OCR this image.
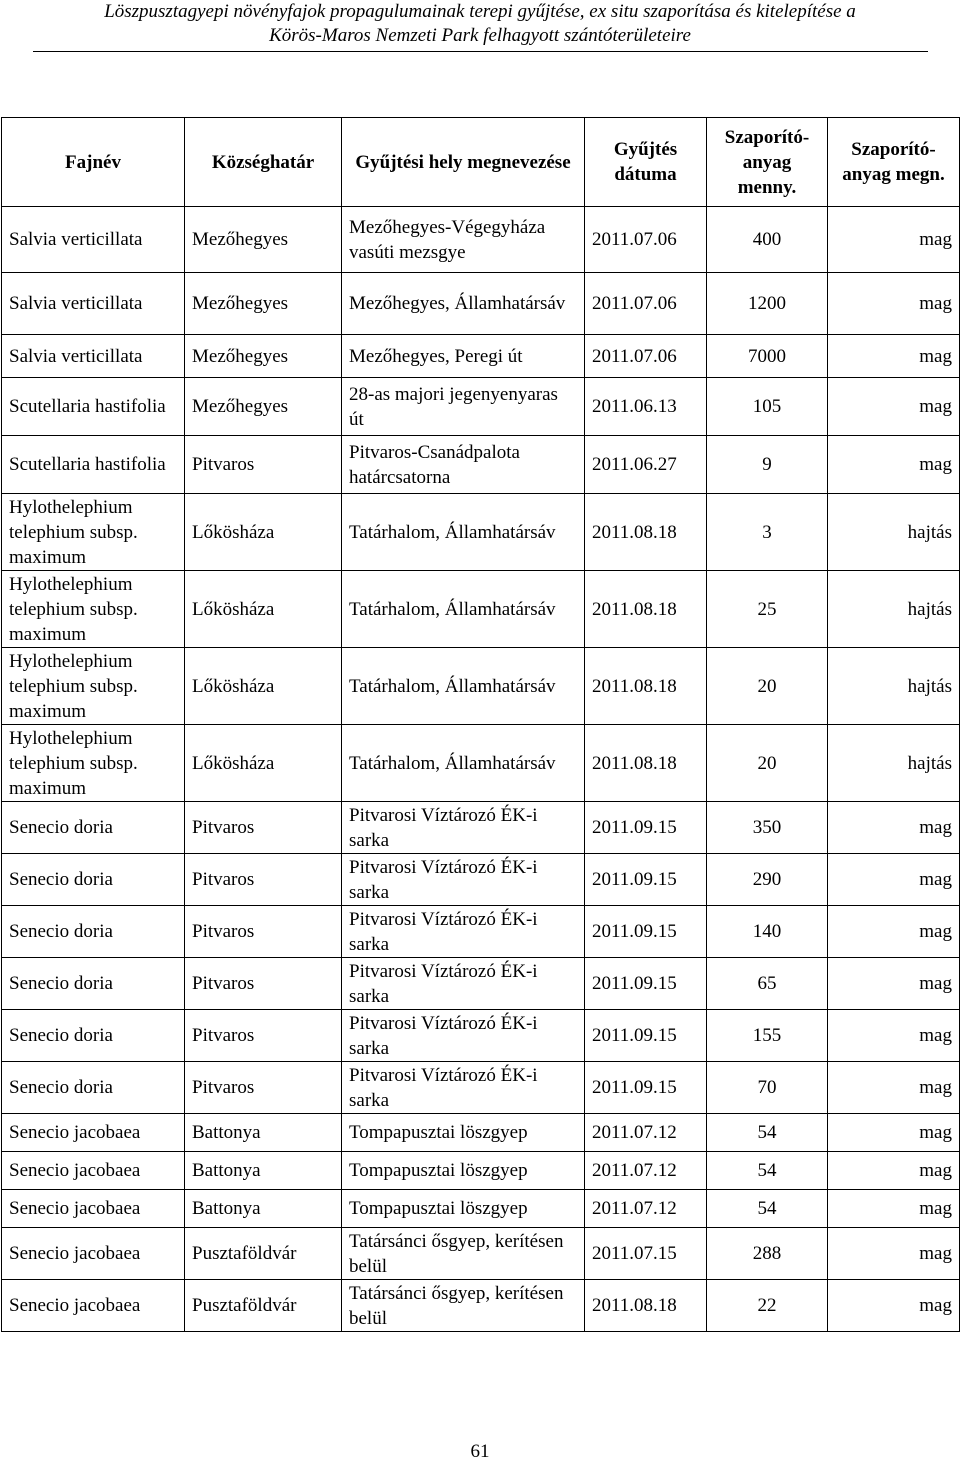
Löszpusztagyepi növényfajok propagulumainak terepi gyűjtése, ex situ szaporítása és kitelepítése a
Körös-Maros Nemzeti Park felhagyott szántóterületeire
Fajnév	Községhatár	Gyűjtési hely megnevezése	Gyűjtés dátuma	Szaporító-anyag menny.	Szaporító-anyag megn.
Salvia verticillata	Mezőhegyes	Mezőhegyes-Végegyháza vasúti mezsgye	2011.07.06	400	mag
Salvia verticillata	Mezőhegyes	Mezőhegyes, Államhatársáv	2011.07.06	1200	mag
Salvia verticillata	Mezőhegyes	Mezőhegyes, Peregi út	2011.07.06	7000	mag
Scutellaria hastifolia	Mezőhegyes	28-as majori jegenyenyaras út	2011.06.13	105	mag
Scutellaria hastifolia	Pitvaros	Pitvaros-Csanádpalota határcsatorna	2011.06.27	9	mag
Hylothelephium telephium subsp. maximum	Lőkösháza	Tatárhalom, Államhatársáv	2011.08.18	3	hajtás
Hylothelephium telephium subsp. maximum	Lőkösháza	Tatárhalom, Államhatársáv	2011.08.18	25	hajtás
Hylothelephium telephium subsp. maximum	Lőkösháza	Tatárhalom, Államhatársáv	2011.08.18	20	hajtás
Hylothelephium telephium subsp. maximum	Lőkösháza	Tatárhalom, Államhatársáv	2011.08.18	20	hajtás
Senecio doria	Pitvaros	Pitvarosi Víztározó ÉK-i sarka	2011.09.15	350	mag
Senecio doria	Pitvaros	Pitvarosi Víztározó ÉK-i sarka	2011.09.15	290	mag
Senecio doria	Pitvaros	Pitvarosi Víztározó ÉK-i sarka	2011.09.15	140	mag
Senecio doria	Pitvaros	Pitvarosi Víztározó ÉK-i sarka	2011.09.15	65	mag
Senecio doria	Pitvaros	Pitvarosi Víztározó ÉK-i sarka	2011.09.15	155	mag
Senecio doria	Pitvaros	Pitvarosi Víztározó ÉK-i sarka	2011.09.15	70	mag
Senecio jacobaea	Battonya	Tompapusztai löszgyep	2011.07.12	54	mag
Senecio jacobaea	Battonya	Tompapusztai löszgyep	2011.07.12	54	mag
Senecio jacobaea	Battonya	Tompapusztai löszgyep	2011.07.12	54	mag
Senecio jacobaea	Pusztaföldvár	Tatársánci ősgyep, kerítésen belül	2011.07.15	288	mag
Senecio jacobaea	Pusztaföldvár	Tatársánci ősgyep, kerítésen belül	2011.08.18	22	mag
61
